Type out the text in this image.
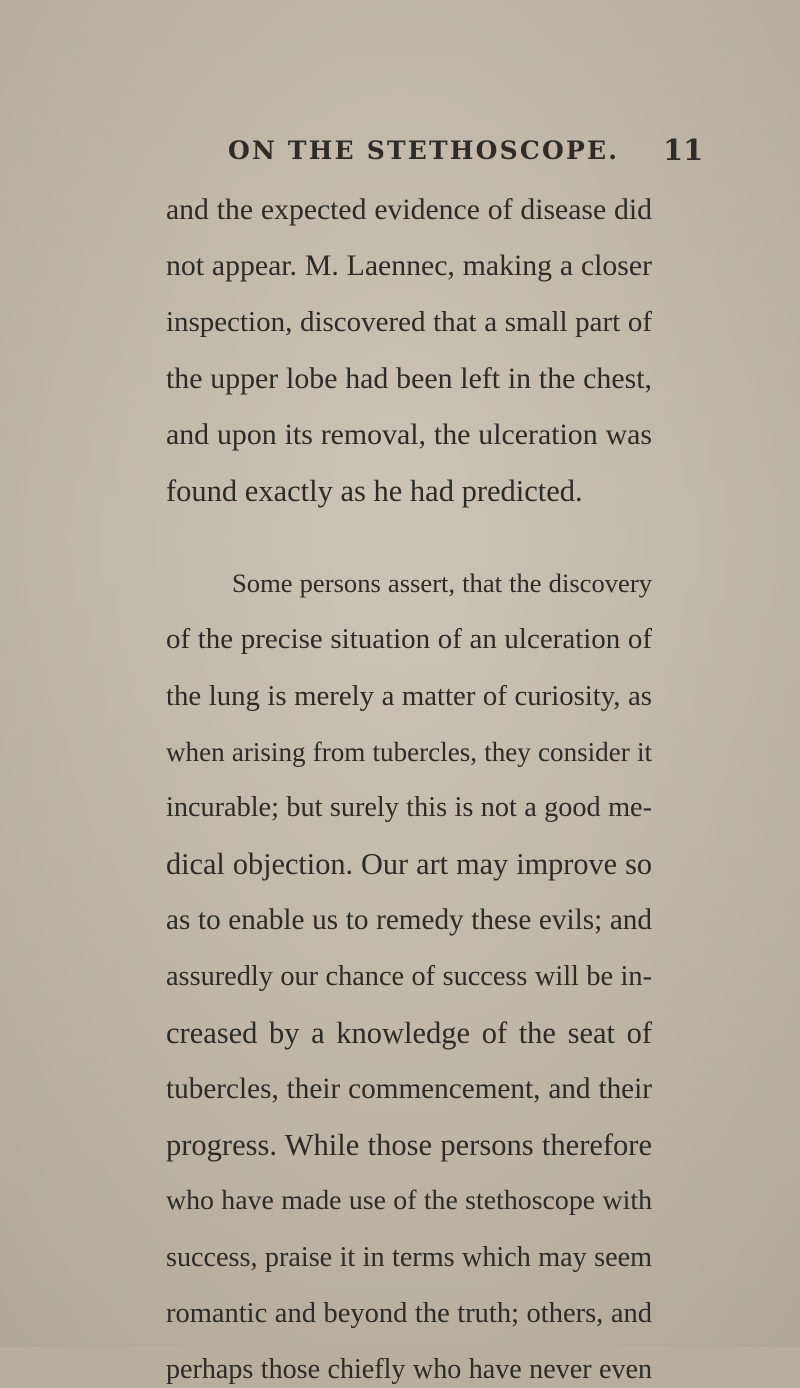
ON THE STETHOSCOPE. 11
and the expected evidence of disease did
not appear. M. Laennec, making a closer
inspection, discovered that a small part of
the upper lobe had been left in the chest,
and upon its removal, the ulceration was
found exactly as he had predicted.
Some persons assert, that the discovery
of the precise situation of an ulceration of
the lung is merely a matter of curiosity, as
when arising from tubercles, they consider it
incurable; but surely this is not a good me-
dical objection. Our art may improve so
as to enable us to remedy these evils; and
assuredly our chance of success will be in-
creased by a knowledge of the seat of
tubercles, their commencement, and their
progress. While those persons therefore
who have made use of the stethoscope with
success, praise it in terms which may seem
romantic and beyond the truth; others, and
perhaps those chiefly who have never even
